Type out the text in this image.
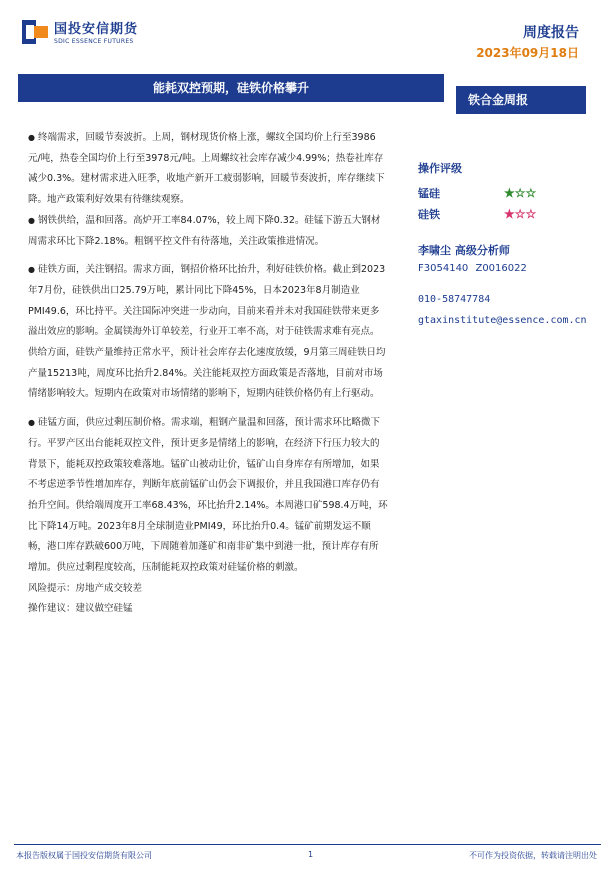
国投安信期货
SDIC ESSENCE FUTURES
周度报告
2023年09月18日
能耗双控预期，硅铁价格攀升
铁合金周报
● 终端需求，回暖节奏波折。上周，钢材现货价格上涨，螺纹全国均价上行至3986元/吨，热卷全国均价上行至3978元/吨。上周螺纹社会库存减少4.99%；热卷社库存减少0.3%。建材需求进入旺季，收地产新开工疲弱影响，回暖节奏波折，库存继续下降。地产政策利好效果有待继续观察。
● 钢铁供给，温和回落。高炉开工率84.07%，较上周下降0.32。硅锰下游五大钢材周需求环比下降2.18%。粗钢平控文件有待落地，关注政策推进情况。
● 硅铁方面，关注钢招。需求方面，钢招价格环比抬升，利好硅铁价格。截止到2023年7月份，硅铁供出口25.79万吨，累计同比下降45%，日本2023年8月制造业PMI49.6，环比持平。关注国际冲突进一步动向，目前来看并未对我国硅铁带来更多溢出效应的影响。金属镁海外订单较差，行业开工率不高，对于硅铁需求难有亮点。供给方面，硅铁产量维持正常水平，预计社会库存去化速度放缓，9月第三周硅铁日均产量15213吨，周度环比抬升2.84%。关注能耗双控方面政策是否落地，目前对市场情绪影响较大。短期内在政策对市场情绪的影响下，短期内硅铁价格仍有上行驱动。
● 硅锰方面，供应过剩压制价格。需求端，粗钢产量温和回落，预计需求环比略微下行。平罗产区出台能耗双控文件，预计更多是情绪上的影响，在经济下行压力较大的背景下，能耗双控政策较难落地。锰矿山被动让价，锰矿山自身库存有所增加，如果不考虑逆季节性增加库存，判断年底前锰矿山仍会下调报价，并且我国港口库存仍有抬升空间。供给端周度开工率68.43%，环比抬升2.14%。本周港口矿598.4万吨，环比下降14万吨。2023年8月全球制造业PMI49，环比抬升0.4。锰矿前期发运不顺畅，港口库存跌破600万吨，下周随着加蓬矿和南非矿集中到港一批，预计库存有所增加。供应过剩程度较高，压制能耗双控政策对硅锰价格的刺激。
风险提示：房地产成交较差
操作建议：建议做空硅锰
操作评级
锰硅	★☆☆
硅铁	★☆☆
李啸尘 高级分析师
F3054140 Z0016022
010-58747784
gtaxinstitute@essence.com.cn
本报告版权属于国投安信期货有限公司	1	不可作为投资依据，转载请注明出处
